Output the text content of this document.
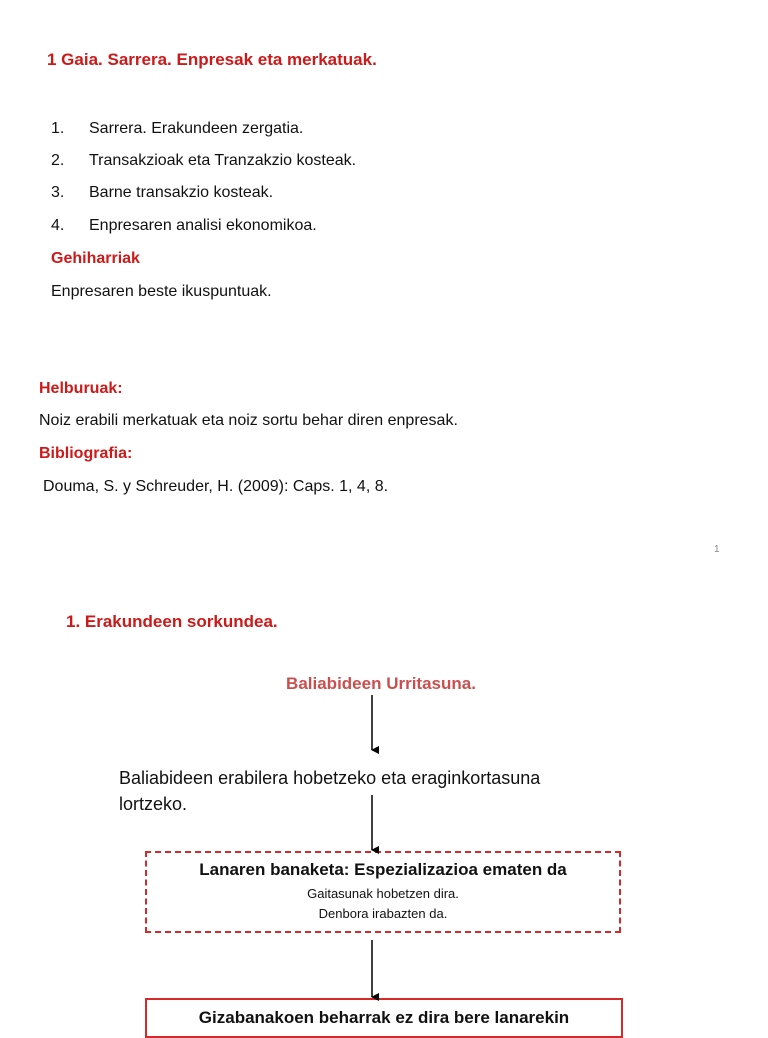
1 Gaia. Sarrera. Enpresak eta merkatuak.
1.	Sarrera. Erakundeen zergatia.
2.	Transakzioak eta Tranzakzio kosteak.
3.	Barne transakzio kosteak.
4.	Enpresaren analisi ekonomikoa.
Gehiharriak
Enpresaren beste ikuspuntuak.
Helburuak:
Noiz erabili merkatuak eta noiz sortu behar diren enpresak.
Bibliografia:
Douma, S. y Schreuder, H. (2009): Caps. 1, 4, 8.
1
1. Erakundeen sorkundea.
Baliabideen Urritasuna.
Baliabideen erabilera hobetzeko eta eraginkortasuna lortzeko.
Lanaren banaketa: Espezializazioa ematen da
Gaitasunak hobetzen dira.
Denbora irabazten da.
Gizabanakoen beharrak ez dira bere lanarekin
